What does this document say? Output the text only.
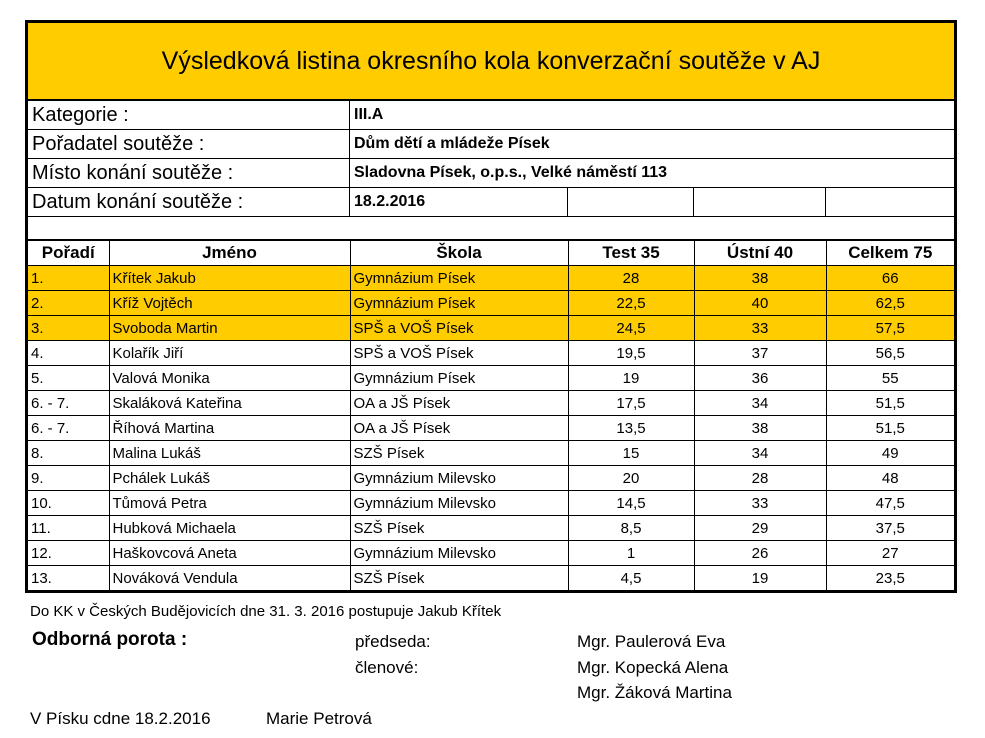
Výsledková listina okresního kola konverzační soutěže v AJ
Kategorie :	III.A
Pořadatel soutěže :	Dům dětí a mládeže Písek
Místo konání soutěže :	Sladovna Písek, o.p.s., Velké náměstí 113
Datum konání soutěže :	18.2.2016
Pořadí	Jméno	Škola	Test 35	Ústní 40	Celkem 75
1.	Křítek Jakub	Gymnázium Písek	28	38	66
2.	Kříž Vojtěch	Gymnázium Písek	22,5	40	62,5
3.	Svoboda Martin	SPŠ a VOŠ Písek	24,5	33	57,5
4.	Kolařík Jiří	SPŠ a VOŠ Písek	19,5	37	56,5
5.	Valová Monika	Gymnázium Písek	19	36	55
6. - 7.	Skaláková Kateřina	OA a JŠ Písek	17,5	34	51,5
6. - 7.	Říhová Martina	OA a JŠ Písek	13,5	38	51,5
8.	Malina Lukáš	SZŠ Písek	15	34	49
9.	Pchálek Lukáš	Gymnázium Milevsko	20	28	48
10.	Tůmová Petra	Gymnázium Milevsko	14,5	33	47,5
11.	Hubková Michaela	SZŠ Písek	8,5	29	37,5
12.	Haškovcová Aneta	Gymnázium Milevsko	1	26	27
13.	Nováková Vendula	SZŠ Písek	4,5	19	23,5
Do KK v Českých Budějovicích dne 31. 3. 2016 postupuje Jakub Křítek
Odborná porota :	předseda:	Mgr. Paulerová Eva
členové:	Mgr. Kopecká Alena
Mgr. Žáková Martina
V Písku сdne 18.2.2016	Marie Petrová
